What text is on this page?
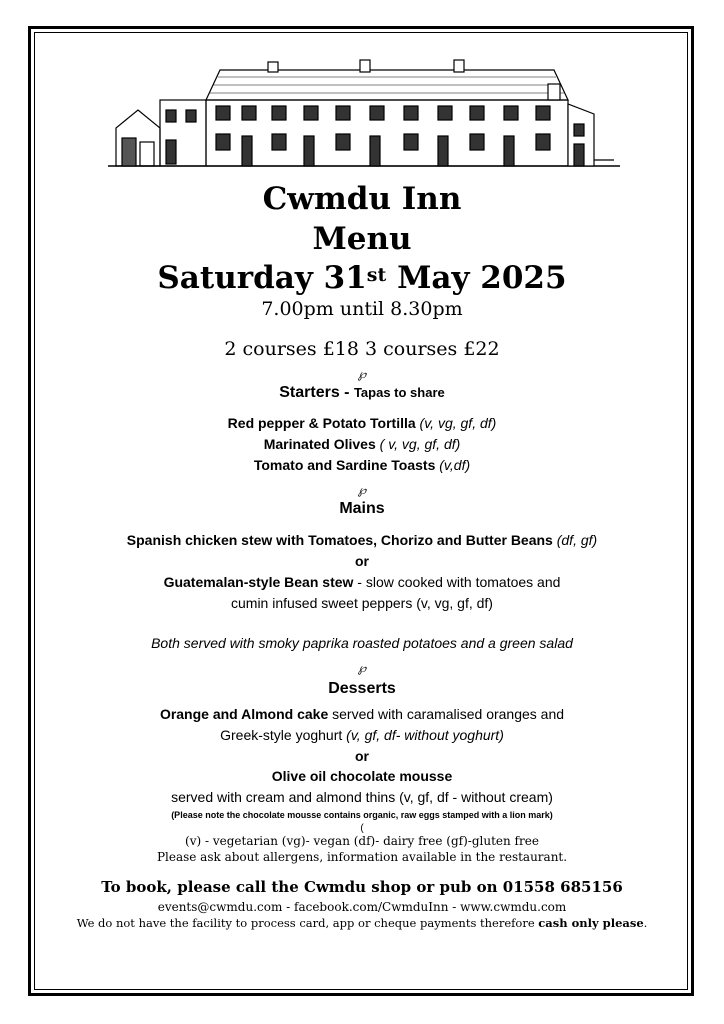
Cwmdu Inn
Menu
Saturday 31st May 2025
7.00pm until 8.30pm
2 courses £18 3 courses £22
℘
Starters - Tapas to share
Red pepper & Potato Tortilla (v, vg, gf, df)
Marinated Olives ( v, vg, gf, df)
Tomato and Sardine Toasts (v,df)
℘
Mains
Spanish chicken stew with Tomatoes, Chorizo and Butter Beans (df, gf)
or
Guatemalan-style Bean stew - slow cooked with tomatoes and
cumin infused sweet peppers (v, vg, gf, df)
Both served with smoky paprika roasted potatoes and a green salad
℘
Desserts
Orange and Almond cake served with caramalised oranges and
Greek-style yoghurt (v, gf, df- without yoghurt)
or
Olive oil chocolate mousse
served with cream and almond thins (v, gf, df - without cream)
(Please note the chocolate mousse contains organic, raw eggs stamped with a lion mark)
(
(v) - vegetarian (vg)- vegan (df)- dairy free (gf)-gluten free
Please ask about allergens, information available in the restaurant.
To book, please call the Cwmdu shop or pub on 01558 685156
events@cwmdu.com - facebook.com/CwmduInn - www.cwmdu.com
We do not have the facility to process card, app or cheque payments therefore cash only please.
